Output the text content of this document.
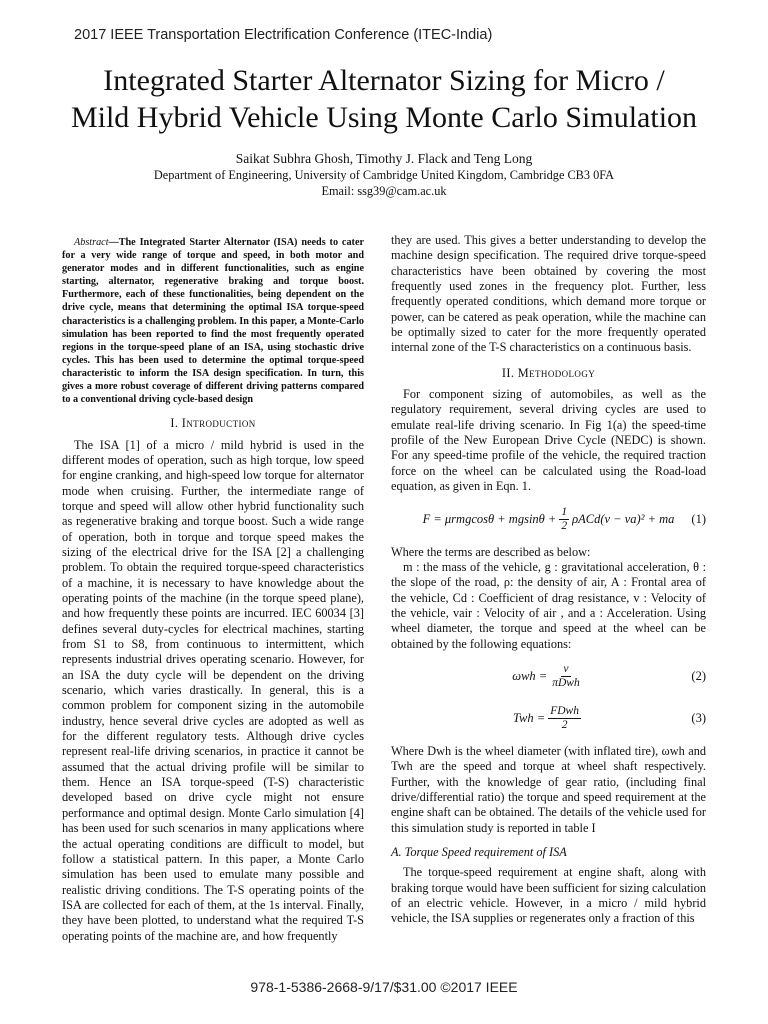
2017 IEEE Transportation Electrification Conference (ITEC-India)
Integrated Starter Alternator Sizing for Micro /
Mild Hybrid Vehicle Using Monte Carlo Simulation
Saikat Subhra Ghosh, Timothy J. Flack and Teng Long
Department of Engineering, University of Cambridge United Kingdom, Cambridge CB3 0FA
Email: ssg39@cam.ac.uk

Abstract—The Integrated Starter Alternator (ISA) needs to cater for a very wide range of torque and speed, in both motor and generator modes and in different functionalities, such as engine starting, alternator, regenerative braking and torque boost. Furthermore, each of these functionalities, being dependent on the drive cycle, means that determining the optimal ISA torque-speed characteristics is a challenging problem. In this paper, a Monte-Carlo simulation has been reported to find the most frequently operated regions in the torque-speed plane of an ISA, using stochastic drive cycles. This has been used to determine the optimal torque-speed characteristic to inform the ISA design specification. In turn, this gives a more robust coverage of different driving patterns compared to a conventional driving cycle-based design

I. Introduction

The ISA [1] of a micro / mild hybrid is used in the different modes of operation, such as high torque, low speed for engine cranking, and high-speed low torque for alternator mode when cruising. Further, the intermediate range of torque and speed will allow other hybrid functionality such as regenerative braking and torque boost. Such a wide range of operation, both in torque and torque speed makes the sizing of the electrical drive for the ISA [2] a challenging problem. To obtain the required torque-speed characteristics of a machine, it is necessary to have knowledge about the operating points of the machine (in the torque speed plane), and how frequently these points are incurred. IEC 60034 [3] defines several duty-cycles for electrical machines, starting from S1 to S8, from continuous to intermittent, which represents industrial drives operating scenario. However, for an ISA the duty cycle will be dependent on the driving scenario, which varies drastically. In general, this is a common problem for component sizing in the automobile industry, hence several drive cycles are adopted as well as for the different regulatory tests. Although drive cycles represent real-life driving scenarios, in practice it cannot be assumed that the actual driving profile will be similar to them. Hence an ISA torque-speed (T-S) characteristic developed based on drive cycle might not ensure performance and optimal design. Monte Carlo simulation [4] has been used for such scenarios in many applications where the actual operating conditions are difficult to model, but follow a statistical pattern. In this paper, a Monte Carlo simulation has been used to emulate many possible and realistic driving conditions. The T-S operating points of the ISA are collected for each of them, at the 1s interval. Finally, they have been plotted, to understand what the required T-S operating points of the machine are, and how frequently

they are used. This gives a better understanding to develop the machine design specification. The required drive torque-speed characteristics have been obtained by covering the most frequently used zones in the frequency plot. Further, less frequently operated conditions, which demand more torque or power, can be catered as peak operation, while the machine can be optimally sized to cater for the more frequently operated internal zone of the T-S characteristics on a continuous basis.

II. Methodology

For component sizing of automobiles, as well as the regulatory requirement, several driving cycles are used to emulate real-life driving scenario. In Fig 1(a) the speed-time profile of the New European Drive Cycle (NEDC) is shown. For any speed-time profile of the vehicle, the required traction force on the wheel can be calculated using the Road-load equation, as given in Eqn. 1.

$F = \mu rmgcos\theta + mgsin\theta + \frac{1}{2} \rho ACd(v - va)^2$ + ma (1)

Where the terms are described as below:

m : the mass of the vehicle, g : gravitational acceleration, θ : the slope of the road, ρ: the density of air, A : Frontal area of the vehicle, Cd : Coefficient of drag resistance, v : Velocity of the vehicle, vair : Velocity of air , and a : Acceleration. Using wheel diameter, the torque and speed at the wheel can be obtained by the following equations:

$\omega wh = \frac{v}{\text{πDwh}}$	(2)
Twh = $\frac{\text{FDwh}}{2}$	(3)

Where Dwh is the wheel diameter (with inflated tire), ωwh and Twh are the speed and torque at wheel shaft respectively. Further, with the knowledge of gear ratio, (including final drive/differential ratio) the torque and speed requirement at the engine shaft can be obtained. The details of the vehicle used for this simulation study is reported in table I

A. Torque Speed requirement of ISA

The torque-speed requirement at engine shaft, along with braking torque would have been sufficient for sizing calculation of an electric vehicle. However, in a micro / mild hybrid vehicle, the ISA supplies or regenerates only a fraction of this

978-1-5386-2668-9/17/$31.00 ©2017 IEEE
